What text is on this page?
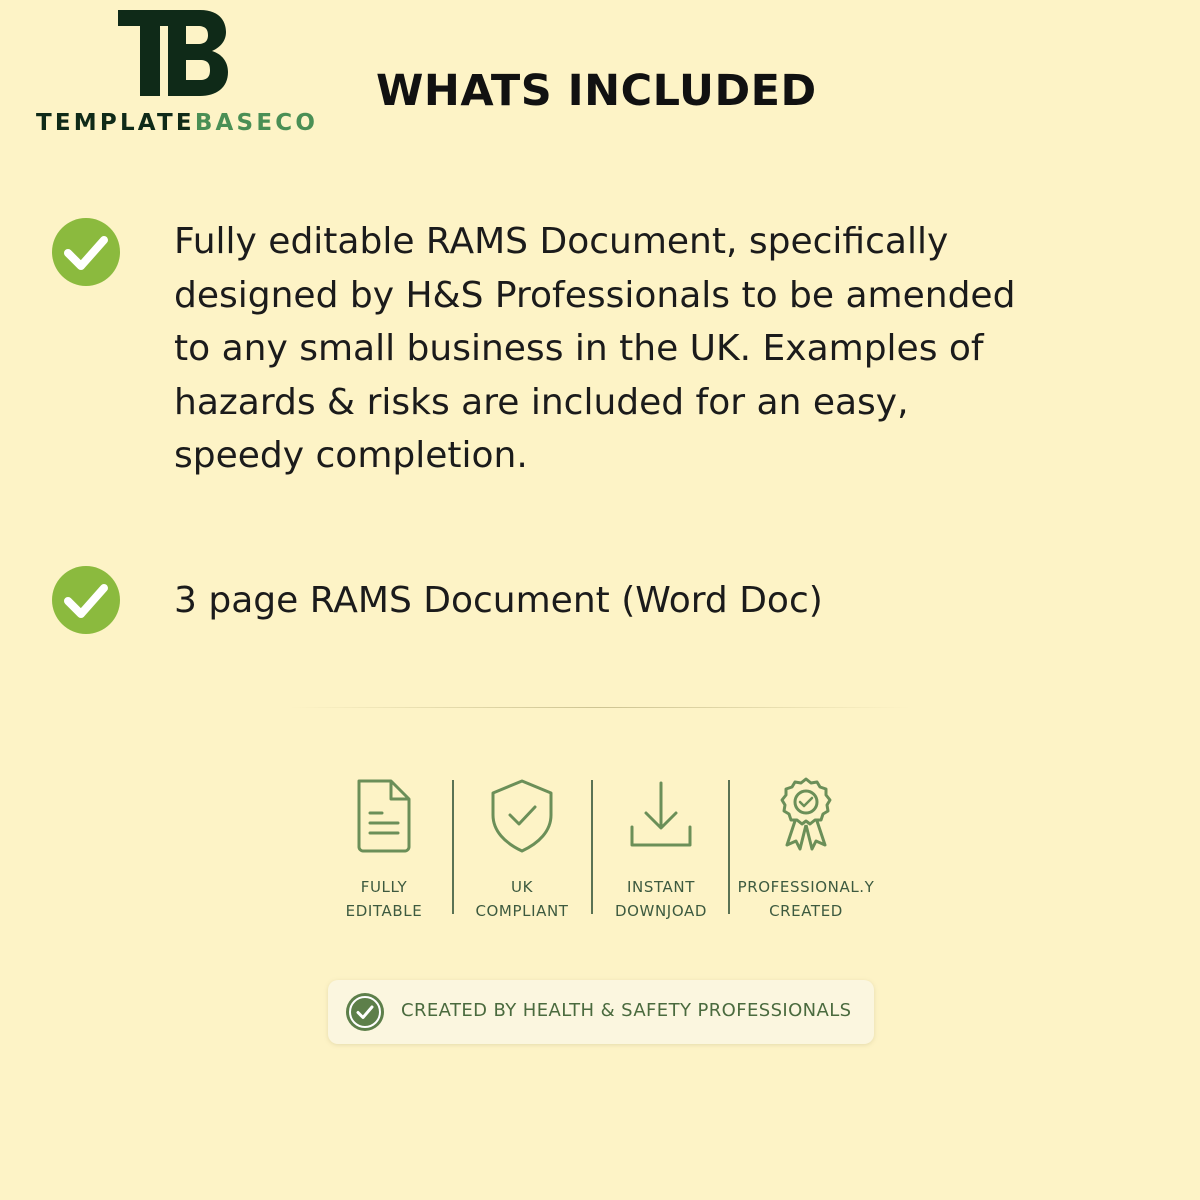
TEMPLATEBASECO
WHATS INCLUDED
Fully editable RAMS Document, specifically designed by H&S Professionals to be amended to any small business in the UK. Examples of hazards & risks are included for an easy, speedy completion.
3 page RAMS Document (Word Doc)
FULLY
EDITABLE
UK
COMPLIANT
INSTANT
DOWNJOAD
PROFESSIONAL.Y
CREATED
CREATED BY HEALTH & SAFETY PROFESSIONALS
